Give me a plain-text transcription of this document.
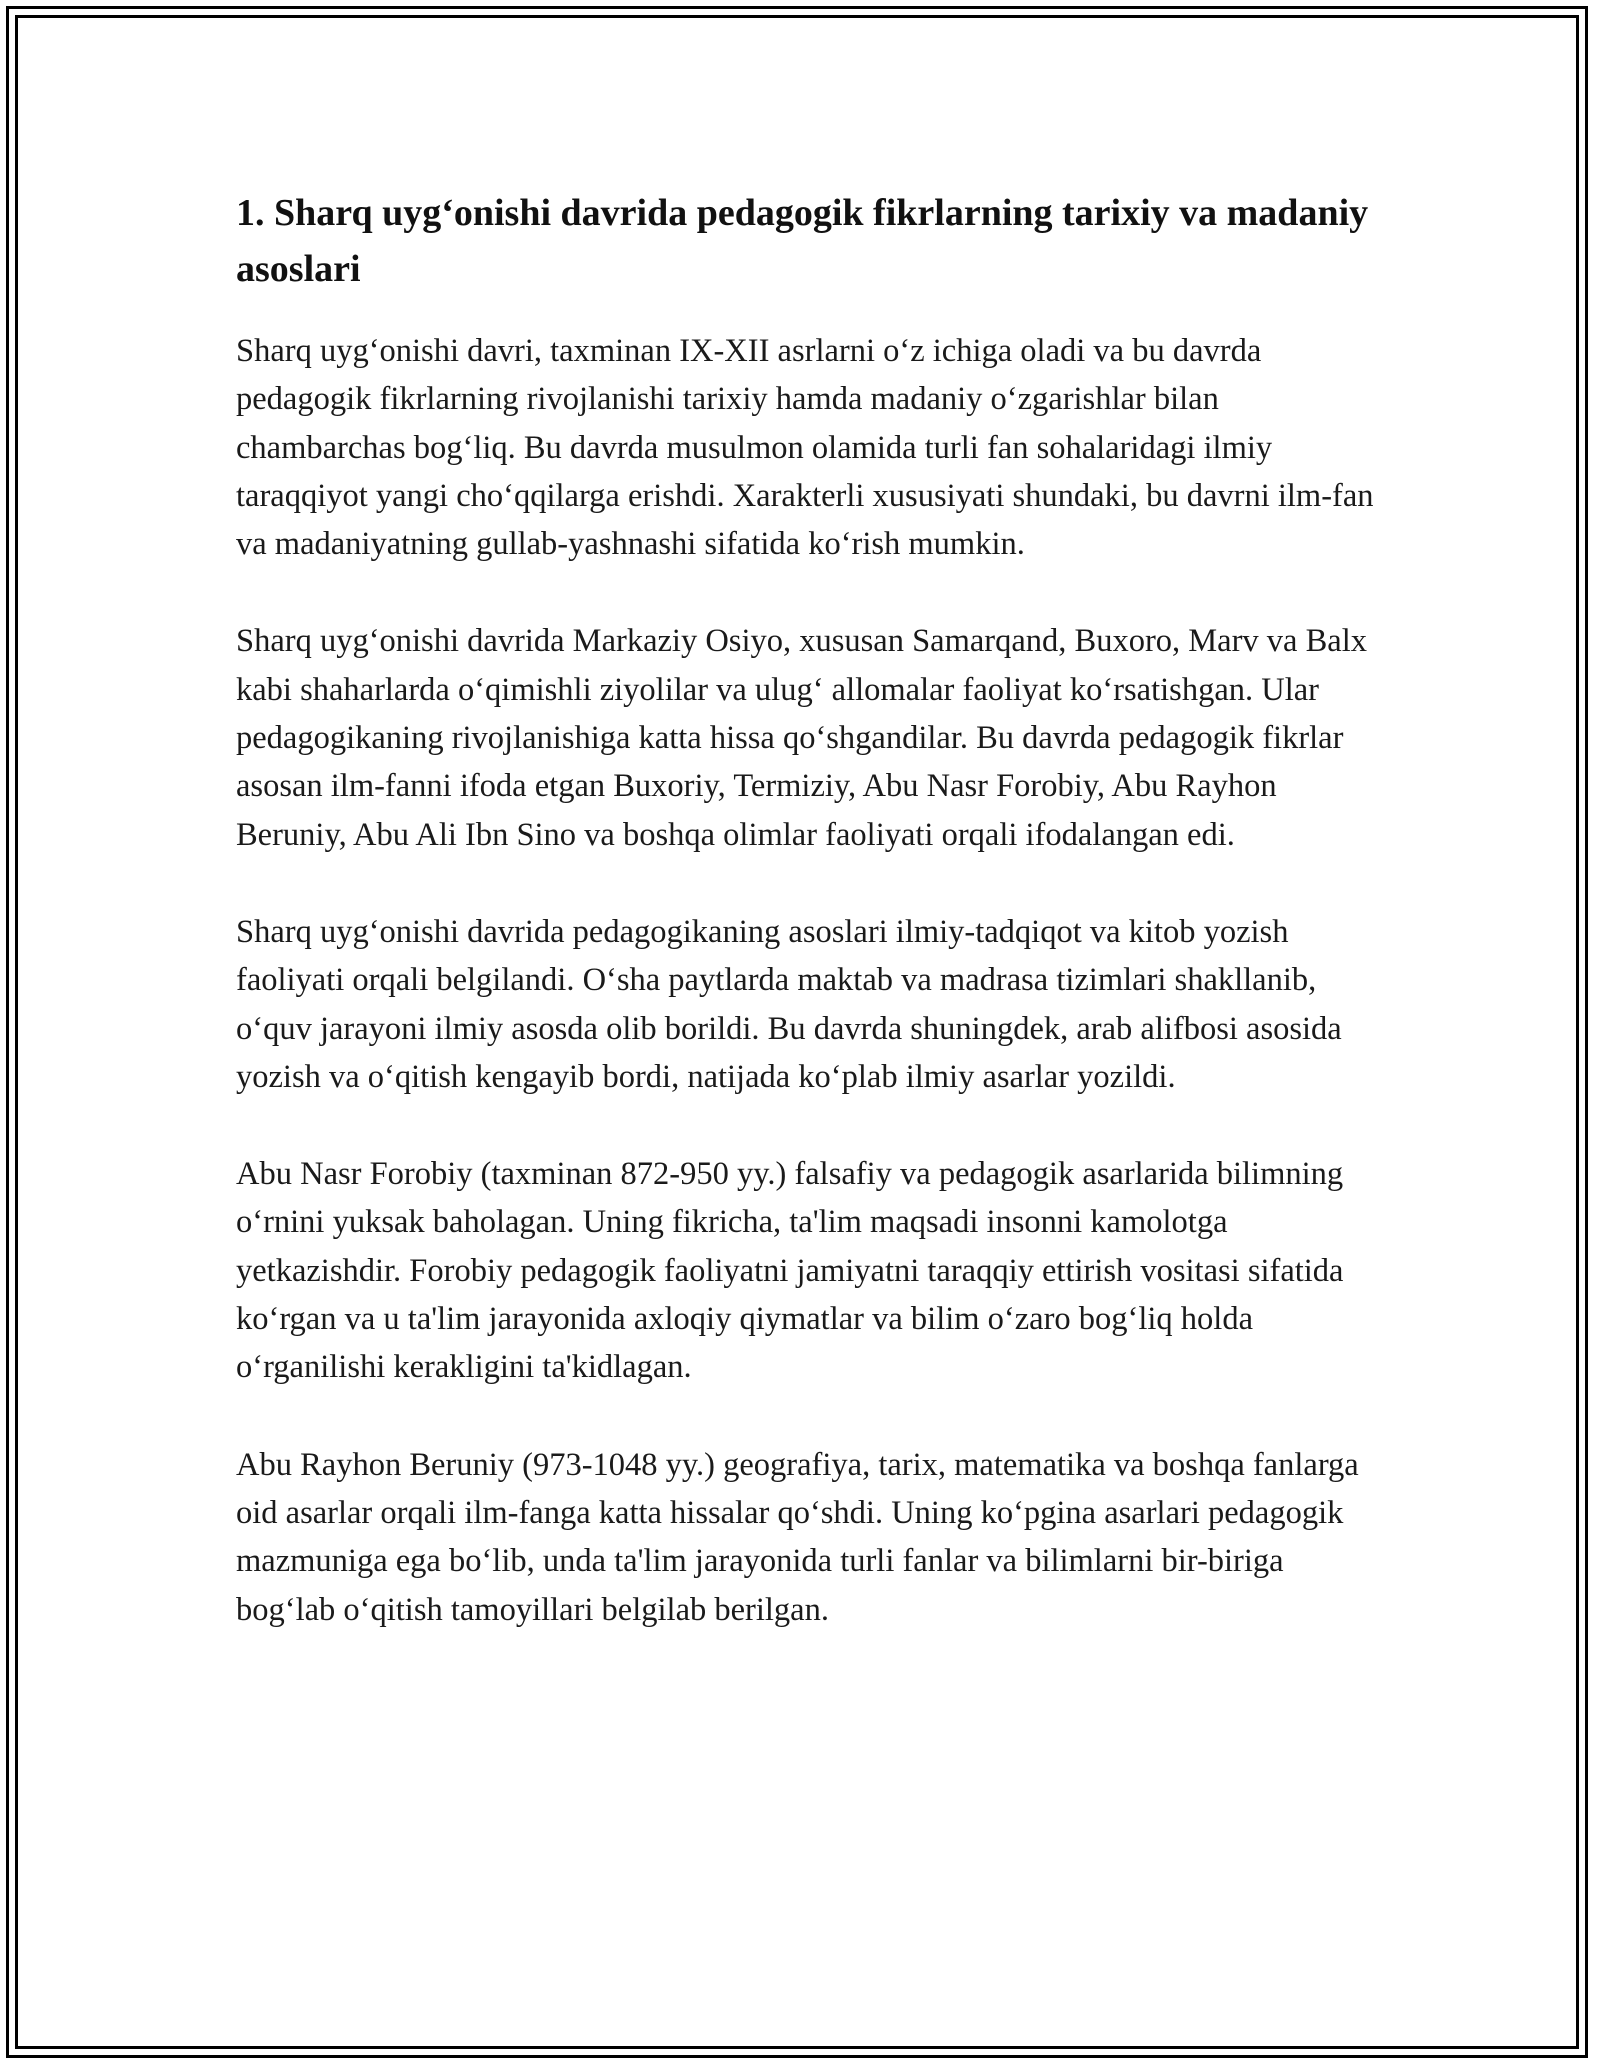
1. Sharq uyg‘onishi davrida pedagogik fikrlarning tarixiy va madaniy asoslari

Sharq uyg‘onishi davri, taxminan IX-XII asrlarni o‘z ichiga oladi va bu davrda pedagogik fikrlarning rivojlanishi tarixiy hamda madaniy o‘zgarishlar bilan chambarchas bog‘liq. Bu davrda musulmon olamida turli fan sohalaridagi ilmiy taraqqiyot yangi cho‘qqilarga erishdi. Xarakterli xususiyati shundaki, bu davrni ilm-fan va madaniyatning gullab-yashnashi sifatida ko‘rish mumkin.

Sharq uyg‘onishi davrida Markaziy Osiyo, xususan Samarqand, Buxoro, Marv va Balx kabi shaharlarda o‘qimishli ziyolilar va ulug‘ allomalar faoliyat ko‘rsatishgan. Ular pedagogikaning rivojlanishiga katta hissa qo‘shgandilar. Bu davrda pedagogik fikrlar asosan ilm-fanni ifoda etgan Buxoriy, Termiziy, Abu Nasr Forobiy, Abu Rayhon Beruniy, Abu Ali Ibn Sino va boshqa olimlar faoliyati orqali ifodalangan edi.

Sharq uyg‘onishi davrida pedagogikaning asoslari ilmiy-tadqiqot va kitob yozish faoliyati orqali belgilandi. O‘sha paytlarda maktab va madrasa tizimlari shakllanib, o‘quv jarayoni ilmiy asosda olib borildi. Bu davrda shuningdek, arab alifbosi asosida yozish va o‘qitish kengayib bordi, natijada ko‘plab ilmiy asarlar yozildi.

Abu Nasr Forobiy (taxminan 872-950 yy.) falsafiy va pedagogik asarlarida bilimning o‘rnini yuksak baholagan. Uning fikricha, ta'lim maqsadi insonni kamolotga yetkazishdir. Forobiy pedagogik faoliyatni jamiyatni taraqqiy ettirish vositasi sifatida ko‘rgan va u ta'lim jarayonida axloqiy qiymatlar va bilim o‘zaro bog‘liq holda o‘rganilishi kerakligini ta'kidlagan.

Abu Rayhon Beruniy (973-1048 yy.) geografiya, tarix, matematika va boshqa fanlarga oid asarlar orqali ilm-fanga katta hissalar qo‘shdi. Uning ko‘pgina asarlari pedagogik mazmuniga ega bo‘lib, unda ta'lim jarayonida turli fanlar va bilimlarni bir-biriga bog‘lab o‘qitish tamoyillari belgilab berilgan.
